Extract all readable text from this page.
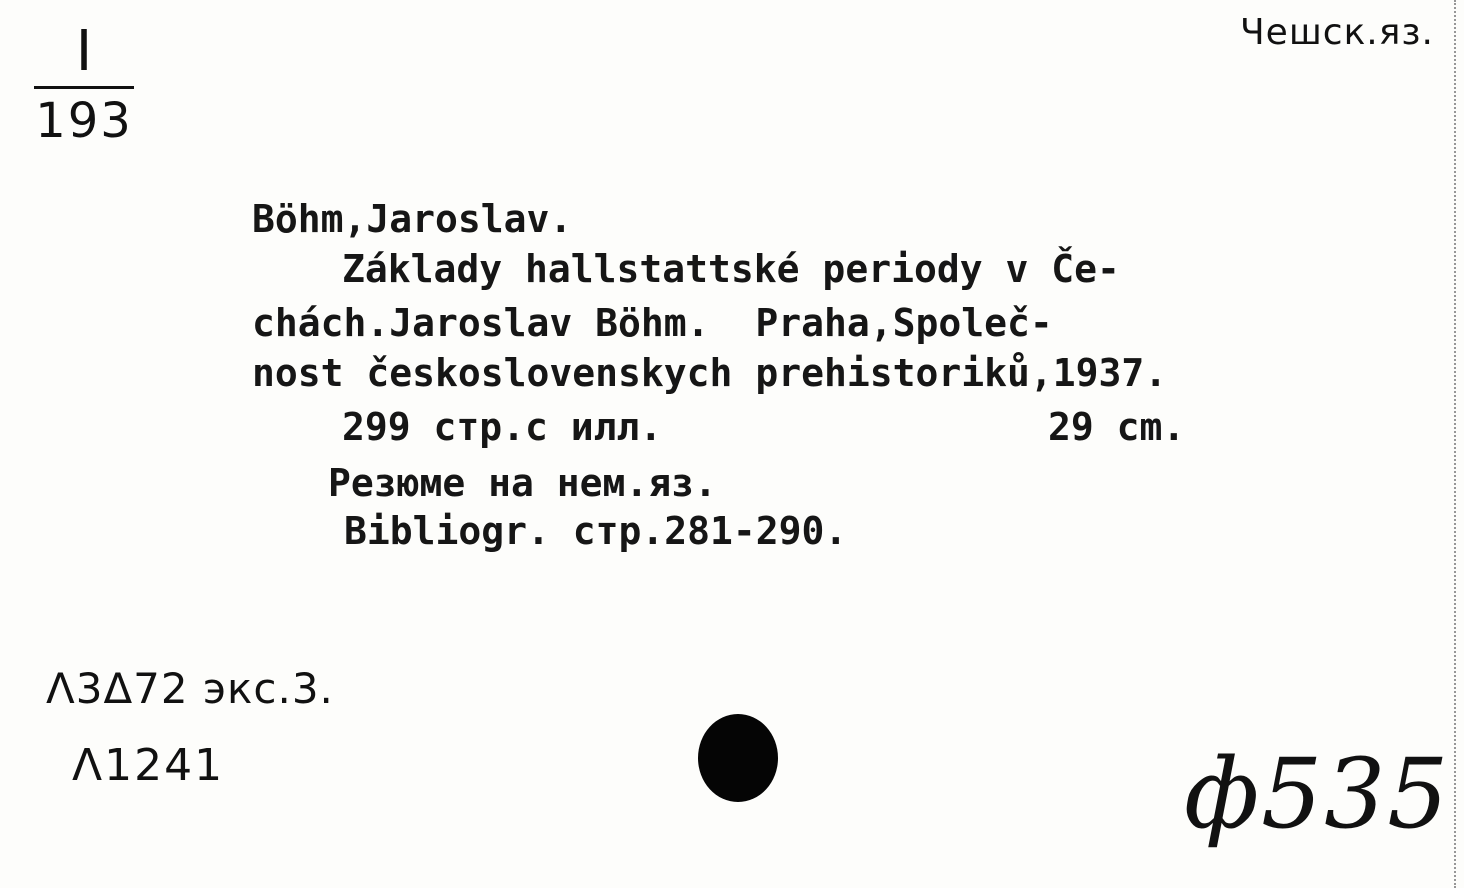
I
193
Чешск.яз.
Böhm,Jaroslav.
Základy hallstattské periody v Če-
chách.Jaroslav Böhm.  Praha,Společ-
nost československych prehistoriků,1937.
299 стр.с илл.	29 cm.
Резюме на нем.яз.
Bibliogr. стр.281-290.
Λ3Δ72 экс.3.
Λ1241	ф535
